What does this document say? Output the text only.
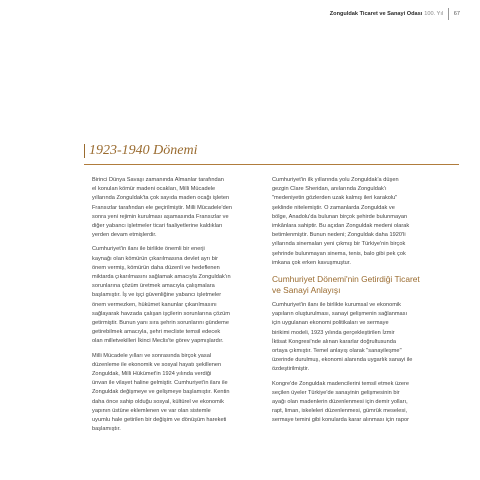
Zonguldak Ticaret ve Sanayi Odası 100. Yıl 67
1923-1940 Dönemi
Birinci Dünya Savaşı zamanında Almanlar tarafından
el konulan kömür madeni ocakları, Milli Mücadele
yıllarında Zonguldak'ta çok sayıda maden ocağı işleten
Fransızlar tarafından ele geçirilmiştir. Milli Mücadele'den
sonra yeni rejimin kurulması aşamasında Fransızlar ve
diğer yabancı işletmeler ticari faaliyetlerine kaldıkları
yerden devam etmişlerdir.
Cumhuriyet'in ilanı ile birlikte önemli bir enerji
kaynağı olan kömürün çıkarılmasına devlet ayrı bir
önem vermiş, kömürün daha düzenli ve hedeflenen
miktarda çıkarılmasını sağlamak amacıyla Zonguldak'ın
sorunlarına çözüm üretmek amacıyla çalışmalara
başlamıştır. İş ve işçi güvenliğine yabancı işletmeler
önem vermezken, hükümet kanunlar çıkarılmasını
sağlayarak havzada çalışan işçilerin sorunlarına çözüm
getirmiştir. Bunun yanı sıra şehrin sorunlarını gündeme
getirebilmek amacıyla, şehri mecliste temsil edecek
olan milletvekilleri İkinci Meclis'te görev yapmışlardır.
Milli Mücadele yılları ve sonrasında birçok yasal
düzenleme ile ekonomik ve sosyal hayatı şekillenen
Zonguldak, Milli Hükümet'in 1924 yılında verdiği
ünvan ile vilayet haline gelmiştir. Cumhuriyet'in ilanı ile
Zonguldak değişmeye ve gelişmeye başlamıştır. Kentin
daha önce sahip olduğu sosyal, kültürel ve ekonomik
yapının üstüne eklemlenen ve var olan sistemle
uyumlu hale getirilen bir değişim ve dönüşüm hareketi
başlamıştır.
Cumhuriyet'in ilk yıllarında yolu Zonguldak'a düşen
gezgin Clare Sheridan, anılarında Zonguldak'ı
"medeniyetin gözlerden uzak kalmış ileri karakolu"
şeklinde nitelemiştir. O zamanlarda Zonguldak ve
bölge, Anadolu'da bulunan birçok şehirde bulunmayan
imkânlara sahiptir. Bu açıdan Zonguldak medeni olarak
betimlenmiştir. Bunun nedeni; Zonguldak daha 1920'li
yıllarında sinemaları yeni çıkmış bir Türkiye'nin birçok
şehrinde bulunmayan sinema, tenis, balo gibi pek çok
imkana çok erken kavuşmuştur.
Cumhuriyet Dönemi'nin Getirdiği Ticaret
ve Sanayi Anlayışı
Cumhuriyet'in ilanı ile birlikte kurumsal ve ekonomik
yapıların oluşturulması, sanayi gelişmenin sağlanması
için uygulanan ekonomi politikaları ve sermaye
birikimi modeli, 1923 yılında gerçekleştirilen İzmir
İktisat Kongresi'nde alınan kararlar doğrultusunda
ortaya çıkmıştır. Temel anlayış olarak "sanayileşme"
üzerinde durulmuş, ekonomi alanında uygarlık sanayi ile
özdeştirilmiştir.
Kongre'de Zonguldak madencilerini temsil etmek üzere
seçilen üyeler Türkiye'de sanayinin gelişmesinin bir
ayağı olan madenlerin düzenlenmesi için demir yolları,
rapt, liman, iskeleleri düzenlenmesi, gümrük meselesi,
sermaye temini gibi konularda karar alınması için rapor
